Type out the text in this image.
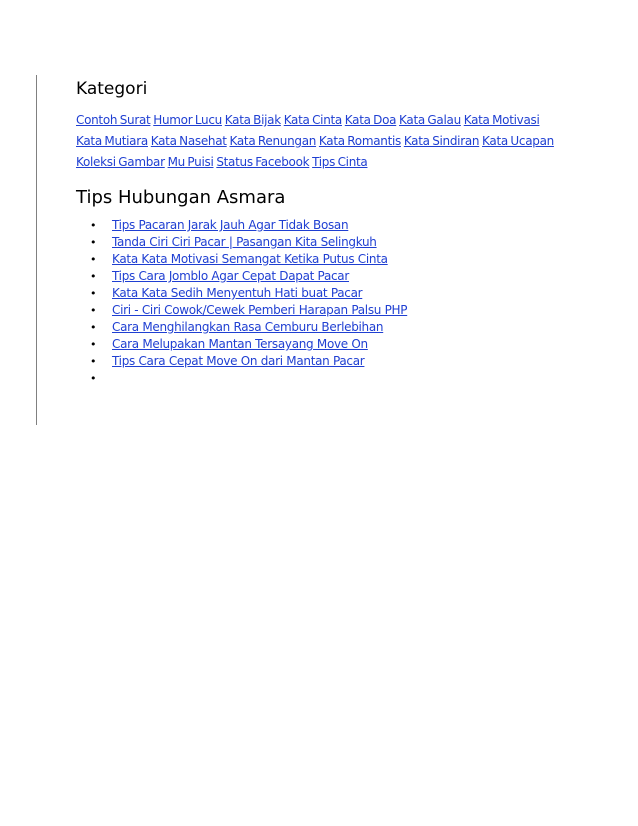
Kategori

Contoh Surat Humor Lucu Kata Bijak Kata Cinta Kata Doa Kata Galau Kata Motivasi Kata Mutiara Kata Nasehat Kata Renungan Kata Romantis Kata Sindiran Kata Ucapan Koleksi Gambar Mu Puisi Status Facebook Tips Cinta

Tips Hubungan Asmara
• Tips Pacaran Jarak Jauh Agar Tidak Bosan
• Tanda Ciri Ciri Pacar | Pasangan Kita Selingkuh
• Kata Kata Motivasi Semangat Ketika Putus Cinta
• Tips Cara Jomblo Agar Cepat Dapat Pacar
• Kata Kata Sedih Menyentuh Hati buat Pacar
• Ciri - Ciri Cowok/Cewek Pemberi Harapan Palsu PHP
• Cara Menghilangkan Rasa Cemburu Berlebihan
• Cara Melupakan Mantan Tersayang Move On
• Tips Cara Cepat Move On dari Mantan Pacar
•
